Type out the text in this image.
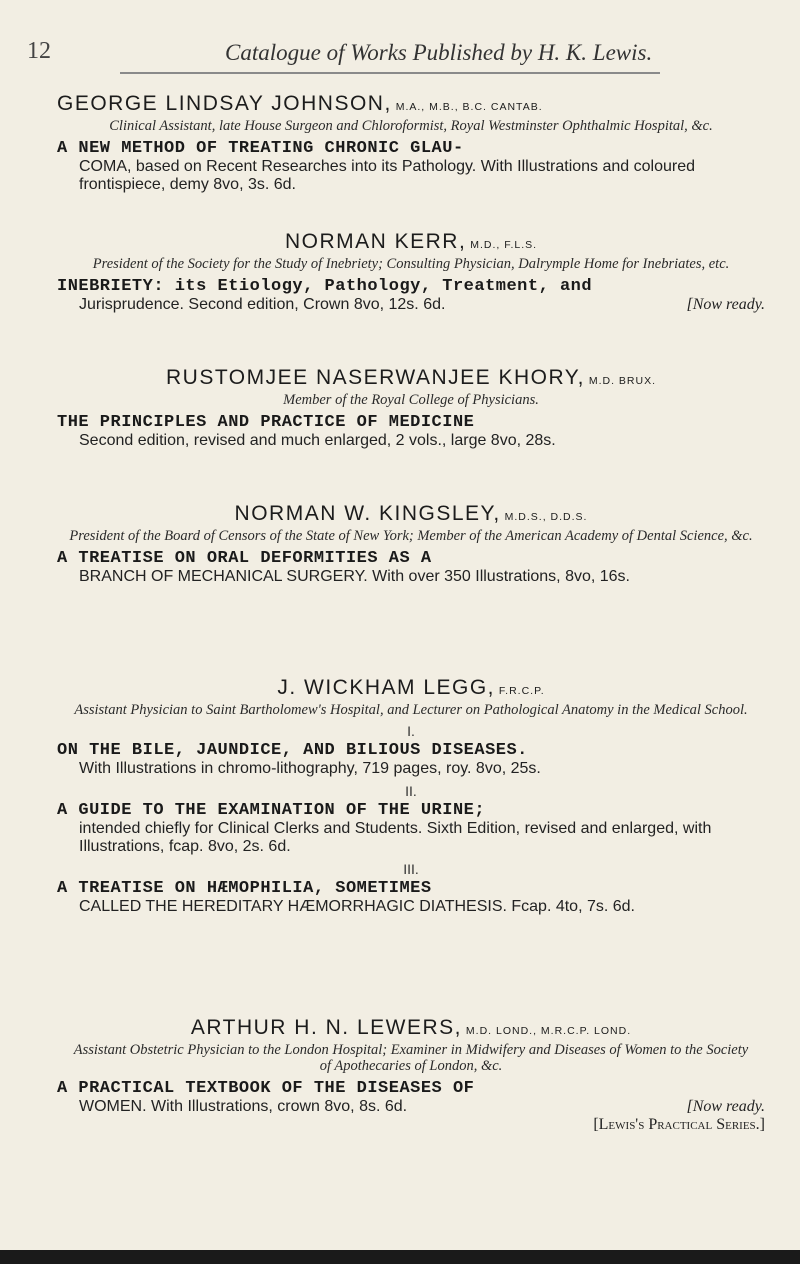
12	Catalogue of Works Published by H. K. Lewis.
GEORGE LINDSAY JOHNSON, M.A., M.B., B.C. CANTAB.
Clinical Assistant, late House Surgeon and Chloroformist, Royal Westminster Ophthalmic Hospital, &c.
A NEW METHOD OF TREATING CHRONIC GLAU-
COMA, based on Recent Researches into its Pathology. With Illustrations and coloured frontispiece, demy 8vo, 3s. 6d.
NORMAN KERR, M.D., F.L.S.
President of the Society for the Study of Inebriety; Consulting Physician, Dalrymple Home for Inebriates, etc.
INEBRIETY: its Etiology, Pathology, Treatment, and
Jurisprudence. Second edition, Crown 8vo, 12s. 6d.	[Now ready.
RUSTOMJEE NASERWANJEE KHORY, M.D. BRUX.
Member of the Royal College of Physicians.
THE PRINCIPLES AND PRACTICE OF MEDICINE
Second edition, revised and much enlarged, 2 vols., large 8vo, 28s.
NORMAN W. KINGSLEY, M.D.S., D.D.S.
President of the Board of Censors of the State of New York; Member of the American Academy of Dental Science, &c.
A TREATISE ON ORAL DEFORMITIES AS A
BRANCH OF MECHANICAL SURGERY. With over 350 Illustrations, 8vo, 16s.
J. WICKHAM LEGG, F.R.C.P.
Assistant Physician to Saint Bartholomew's Hospital, and Lecturer on Pathological Anatomy in the Medical School.
I.
ON THE BILE, JAUNDICE, AND BILIOUS DISEASES.
With Illustrations in chromo-lithography, 719 pages, roy. 8vo, 25s.
II.
A GUIDE TO THE EXAMINATION OF THE URINE;
intended chiefly for Clinical Clerks and Students. Sixth Edition, revised and enlarged, with Illustrations, fcap. 8vo, 2s. 6d.
III.
A TREATISE ON HÆMOPHILIA, SOMETIMES
CALLED THE HEREDITARY HÆMORRHAGIC DIATHESIS. Fcap. 4to, 7s. 6d.
ARTHUR H. N. LEWERS, M.D. LOND., M.R.C.P. LOND.
Assistant Obstetric Physician to the London Hospital; Examiner in Midwifery and Diseases of Women to the Society of Apothecaries of London, &c.
A PRACTICAL TEXTBOOK OF THE DISEASES OF
WOMEN. With Illustrations, crown 8vo, 8s. 6d.	[Now ready.
[Lewis's Practical Series.]
